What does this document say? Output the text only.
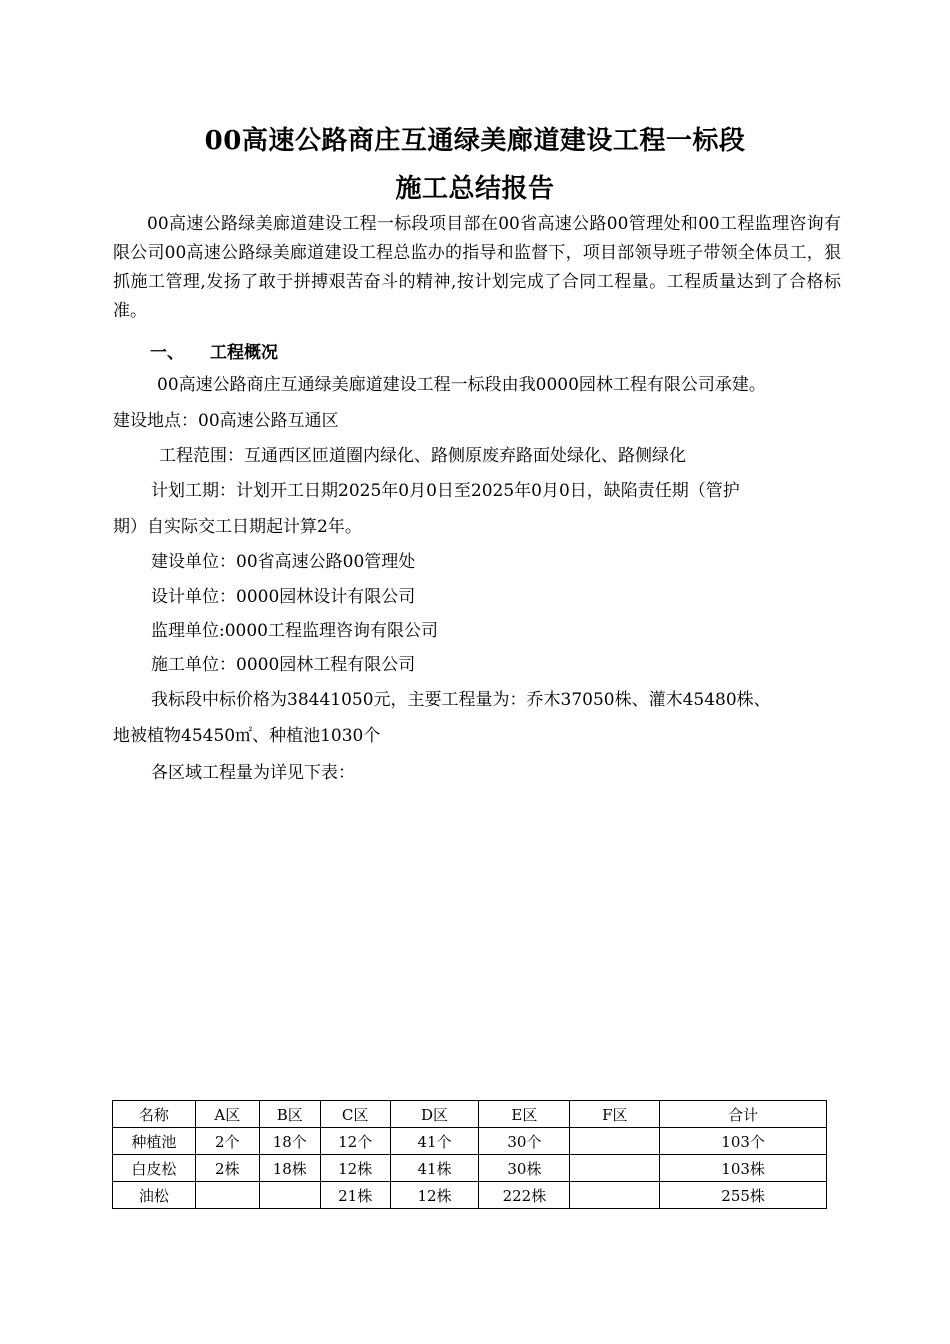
00高速公路商庄互通绿美廊道建设工程一标段
施工总结报告
00高速公路绿美廊道建设工程一标段项目部在00省高速公路00管理处和00工程监理咨询有限公司00高速公路绿美廊道建设工程总监办的指导和监督下，项目部领导班子带领全体员工，狠抓施工管理,发扬了敢于拼搏艰苦奋斗的精神,按计划完成了合同工程量。工程质量达到了合格标准。
一、 工程概况
00高速公路商庄互通绿美廊道建设工程一标段由我0000园林工程有限公司承建。
建设地点：00高速公路互通区
工程范围：互通西区匝道圈内绿化、路侧原废弃路面处绿化、路侧绿化
计划工期：计划开工日期2025年0月0日至2025年0月0日，缺陷责任期（管护
期）自实际交工日期起计算2年。
建设单位：00省高速公路00管理处
设计单位：0000园林设计有限公司
监理单位:0000工程监理咨询有限公司
施工单位：0000园林工程有限公司
我标段中标价格为38441050元，主要工程量为：乔木37050株、灌木45480株、
地被植物45450㎡、种植池1030个
各区域工程量为详见下表：
名称	A区	B区	C区	D区	E区	F区	合计
种植池	2个	18个	12个	41个	30个		103个
白皮松	2株	18株	12株	41株	30株		103株
油松			21株	12株	222株		255株
